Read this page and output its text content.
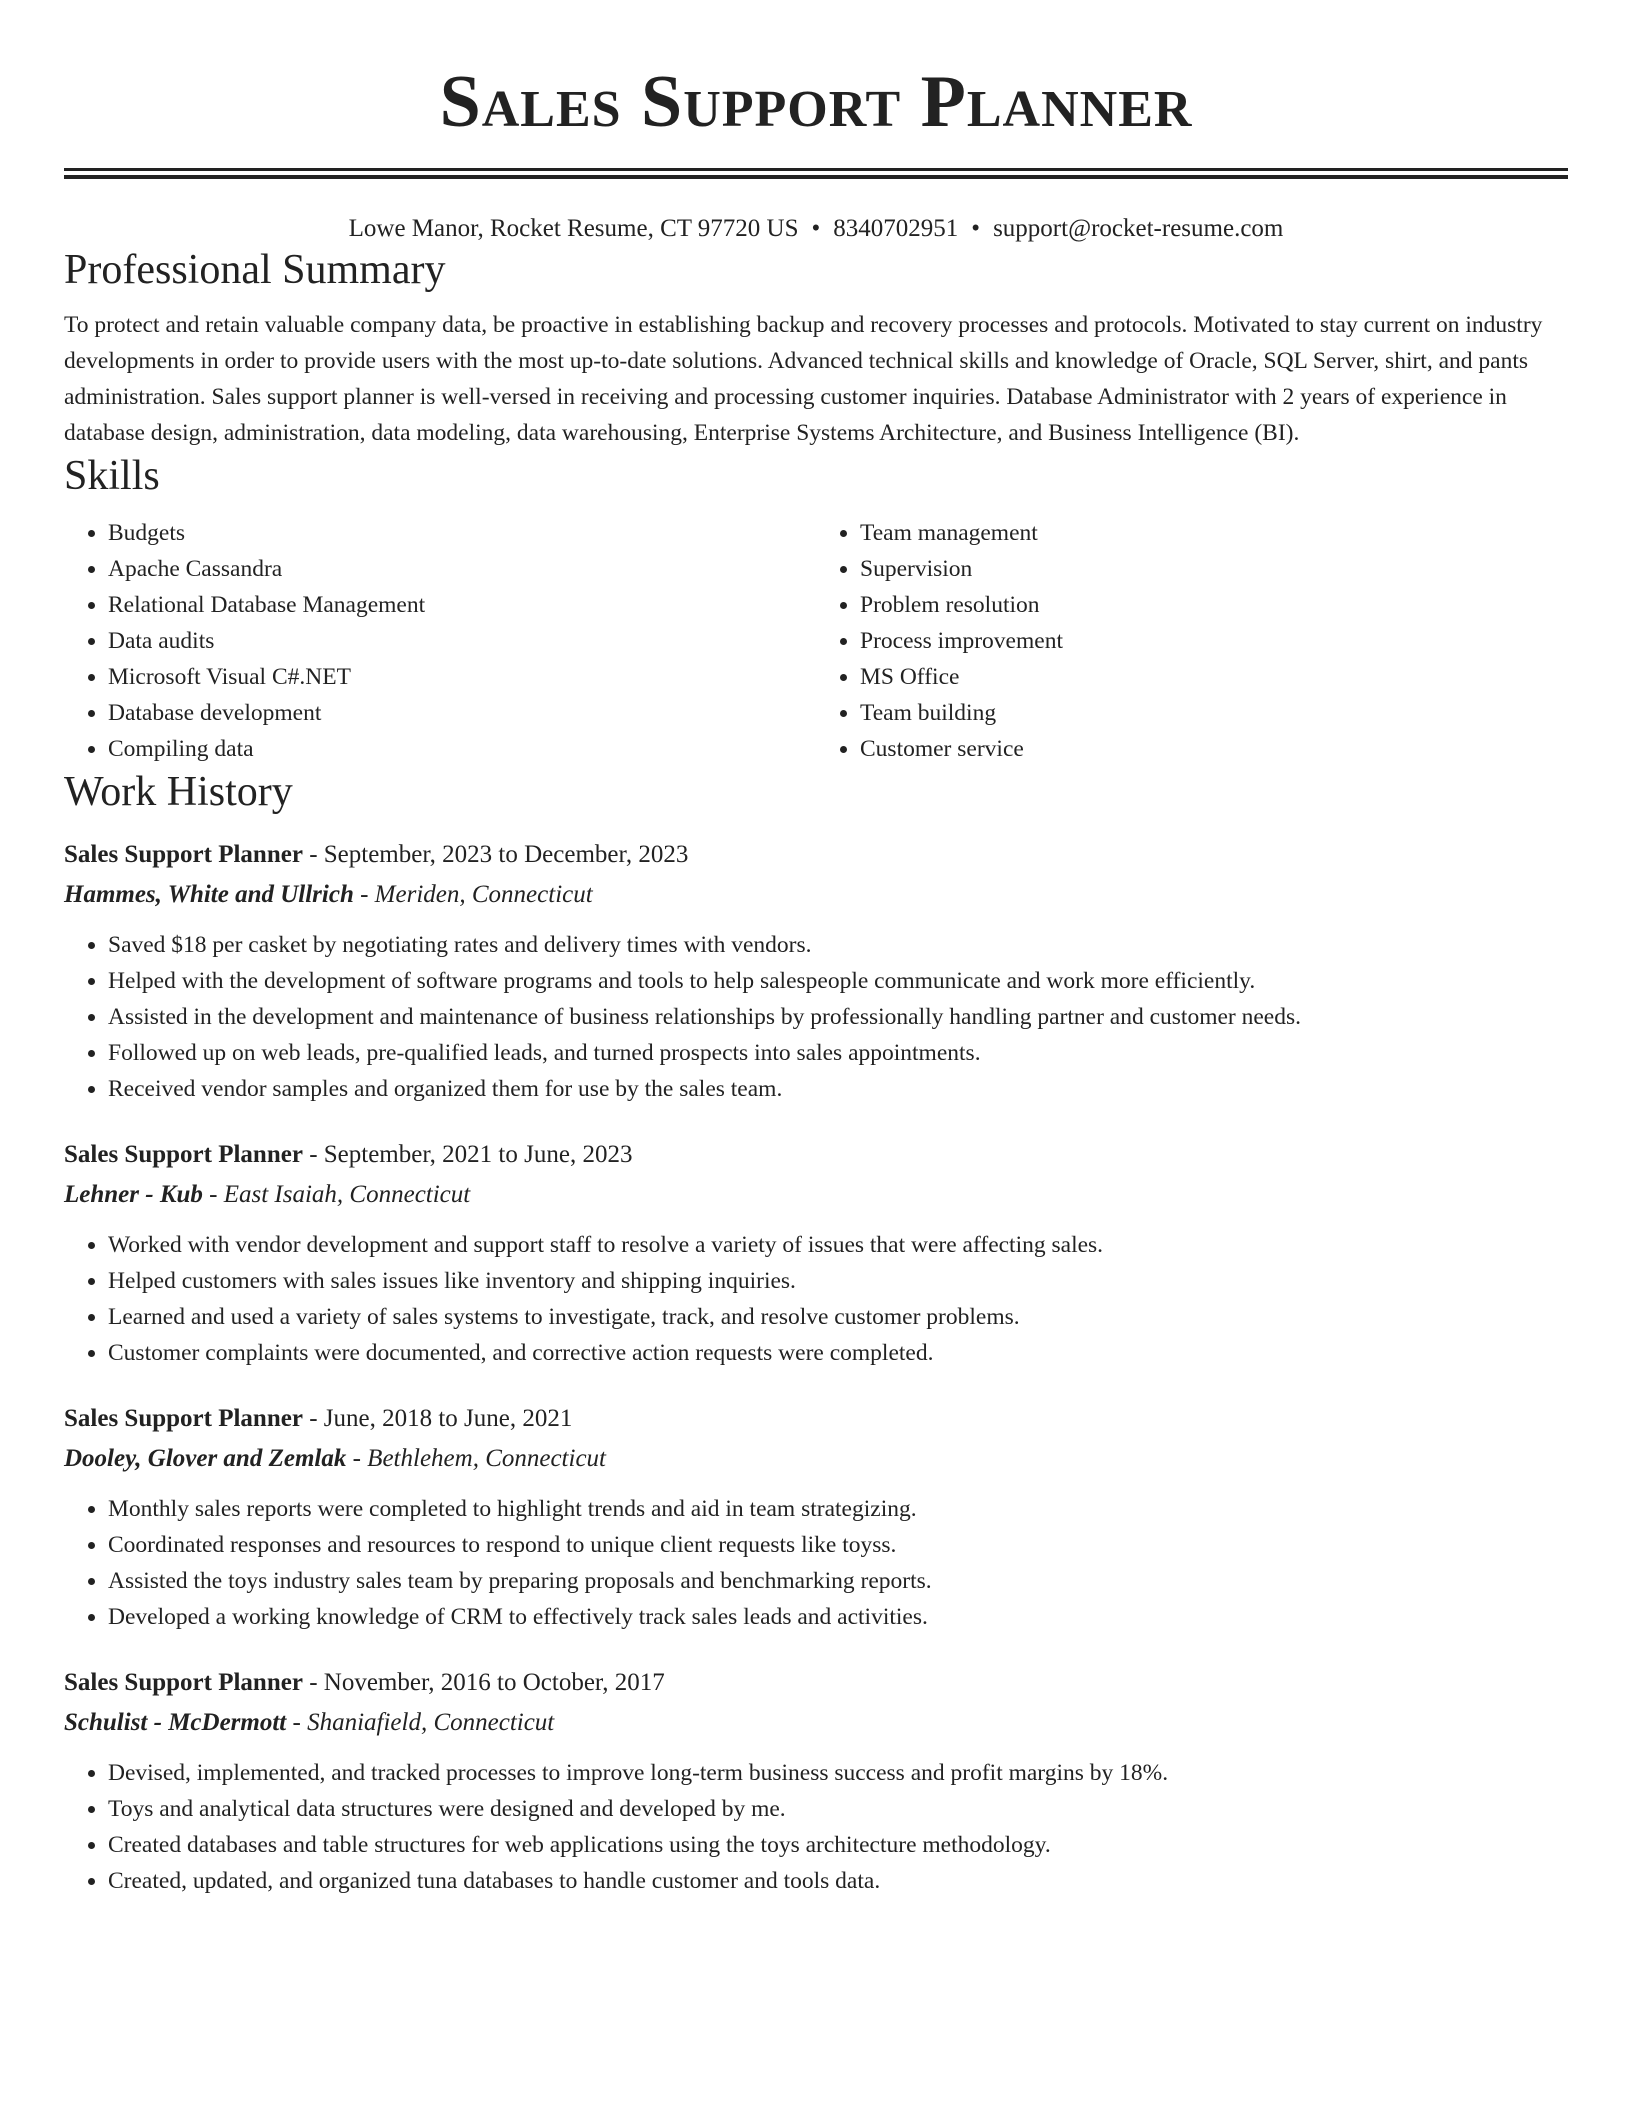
Sales Support Planner
Lowe Manor, Rocket Resume, CT 97720 US • 8340702951 • support@rocket-resume.com
Professional Summary

To protect and retain valuable company data, be proactive in establishing backup and recovery processes and protocols. Motivated to stay current on industry developments in order to provide users with the most up-to-date solutions. Advanced technical skills and knowledge of Oracle, SQL Server, shirt, and pants administration. Sales support planner is well-versed in receiving and processing customer inquiries. Database Administrator with 2 years of experience in database design, administration, data modeling, data warehousing, Enterprise Systems Architecture, and Business Intelligence (BI).

Skills
• Budgets
• Apache Cassandra
• Relational Database Management
• Data audits
• Microsoft Visual C#.NET
• Database development
• Compiling data
• Team management
• Supervision
• Problem resolution
• Process improvement
• MS Office
• Team building
• Customer service
Work History
Sales Support Planner - September, 2023 to December, 2023
Hammes, White and Ullrich - Meriden, Connecticut
• Saved $18 per casket by negotiating rates and delivery times with vendors.
• Helped with the development of software programs and tools to help salespeople communicate and work more efficiently.
• Assisted in the development and maintenance of business relationships by professionally handling partner and customer needs.
• Followed up on web leads, pre-qualified leads, and turned prospects into sales appointments.
• Received vendor samples and organized them for use by the sales team.
Sales Support Planner - September, 2021 to June, 2023
Lehner - Kub - East Isaiah, Connecticut
• Worked with vendor development and support staff to resolve a variety of issues that were affecting sales.
• Helped customers with sales issues like inventory and shipping inquiries.
• Learned and used a variety of sales systems to investigate, track, and resolve customer problems.
• Customer complaints were documented, and corrective action requests were completed.
Sales Support Planner - June, 2018 to June, 2021
Dooley, Glover and Zemlak - Bethlehem, Connecticut
• Monthly sales reports were completed to highlight trends and aid in team strategizing.
• Coordinated responses and resources to respond to unique client requests like toyss.
• Assisted the toys industry sales team by preparing proposals and benchmarking reports.
• Developed a working knowledge of CRM to effectively track sales leads and activities.
Sales Support Planner - November, 2016 to October, 2017
Schulist - McDermott - Shaniafield, Connecticut
• Devised, implemented, and tracked processes to improve long-term business success and profit margins by 18%.
• Toys and analytical data structures were designed and developed by me.
• Created databases and table structures for web applications using the toys architecture methodology.
• Created, updated, and organized tuna databases to handle customer and tools data.
